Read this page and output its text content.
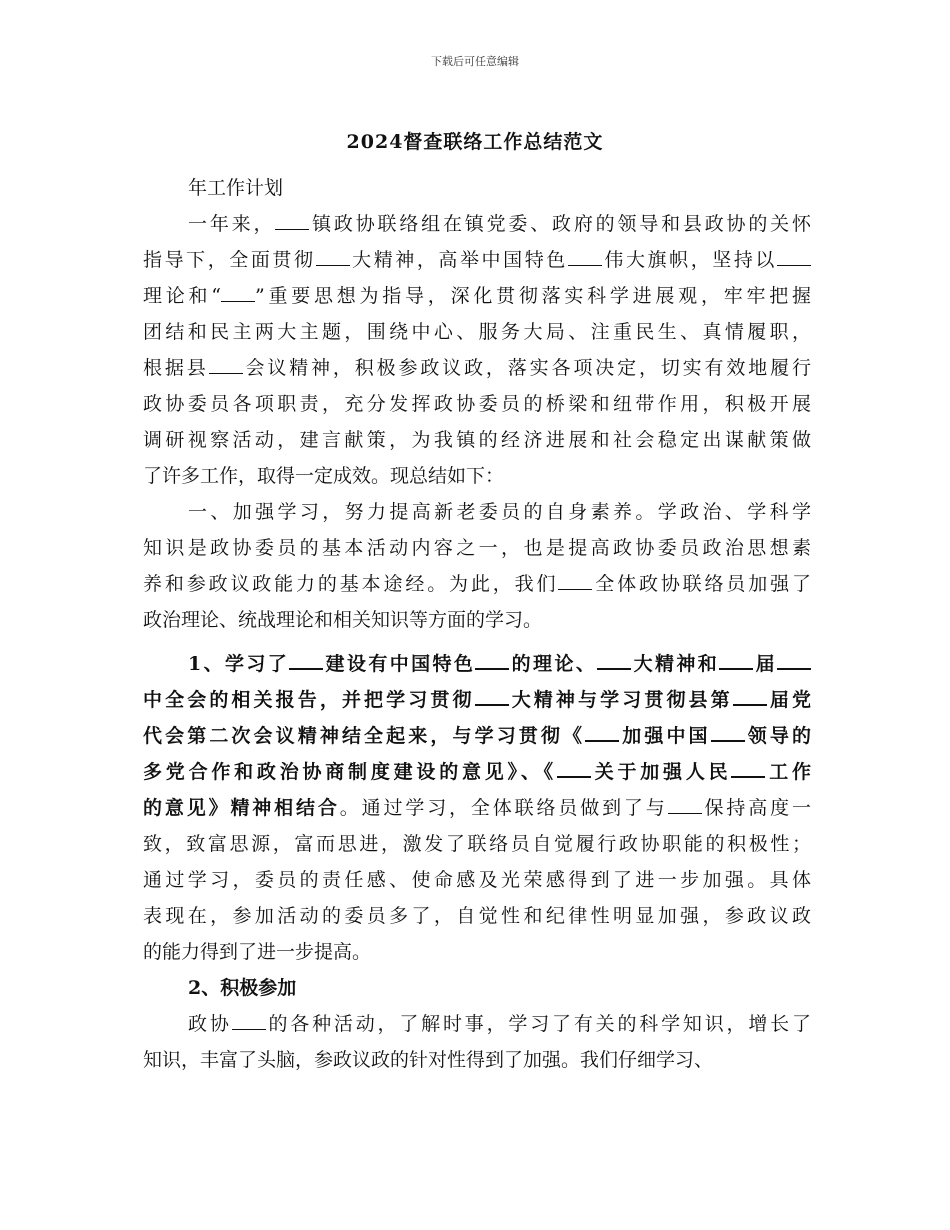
下载后可任意编辑
2024督查联络工作总结范文
年工作计划
一年来， 镇政协联络组在镇党委、政府的领导和县政协的关怀
指导下，全面贯彻 大精神，高举中国特色 伟大旗帜，坚持以
理论和“ ”重要思想为指导，深化贯彻落实科学进展观，牢牢把握
团结和民主两大主题，围绕中心、服务大局、注重民生、真情履职，
根据县 会议精神，积极参政议政，落实各项决定，切实有效地履行
政协委员各项职责，充分发挥政协委员的桥梁和纽带作用，积极开展
调研视察活动，建言献策，为我镇的经济进展和社会稳定出谋献策做
了许多工作，取得一定成效。现总结如下：
一、加强学习，努力提高新老委员的自身素养。学政治、学科学
知识是政协委员的基本活动内容之一，也是提高政协委员政治思想素
养和参政议政能力的基本途经。为此，我们 全体政协联络员加强了
政治理论、统战理论和相关知识等方面的学习。
1、学习了 建设有中国特色 的理论、 大精神和 届
中全会的相关报告，并把学习贯彻 大精神与学习贯彻县第 届党
代会第二次会议精神结全起来，与学习贯彻《 加强中国 领导的
多党合作和政治协商制度建设的意见》、《 关于加强人民 工作
的意见》精神相结合。通过学习，全体联络员做到了与 保持高度一
致，致富思源，富而思进，激发了联络员自觉履行政协职能的积极性；
通过学习，委员的责任感、使命感及光荣感得到了进一步加强。具体
表现在，参加活动的委员多了，自觉性和纪律性明显加强，参政议政
的能力得到了进一步提高。
2、积极参加
政协 的各种活动，了解时事，学习了有关的科学知识，增长了
知识，丰富了头脑，参政议政的针对性得到了加强。我们仔细学习、
